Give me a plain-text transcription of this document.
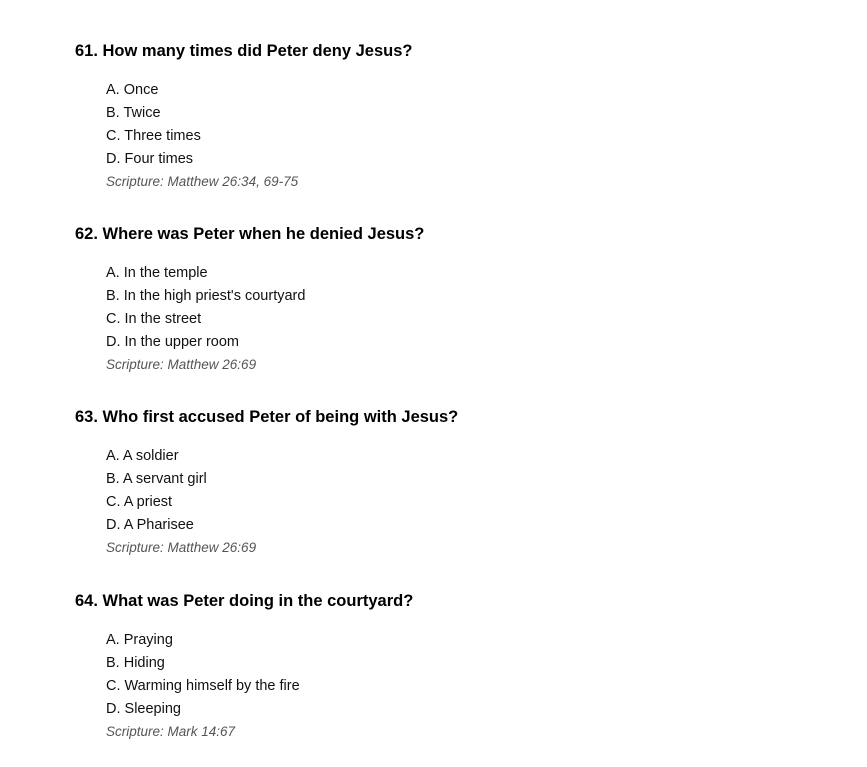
61. How many times did Peter deny Jesus?
A. Once
B. Twice
C. Three times
D. Four times
Scripture: Matthew 26:34, 69-75
62. Where was Peter when he denied Jesus?
A. In the temple
B. In the high priest's courtyard
C. In the street
D. In the upper room
Scripture: Matthew 26:69
63. Who first accused Peter of being with Jesus?
A. A soldier
B. A servant girl
C. A priest
D. A Pharisee
Scripture: Matthew 26:69
64. What was Peter doing in the courtyard?
A. Praying
B. Hiding
C. Warming himself by the fire
D. Sleeping
Scripture: Mark 14:67
